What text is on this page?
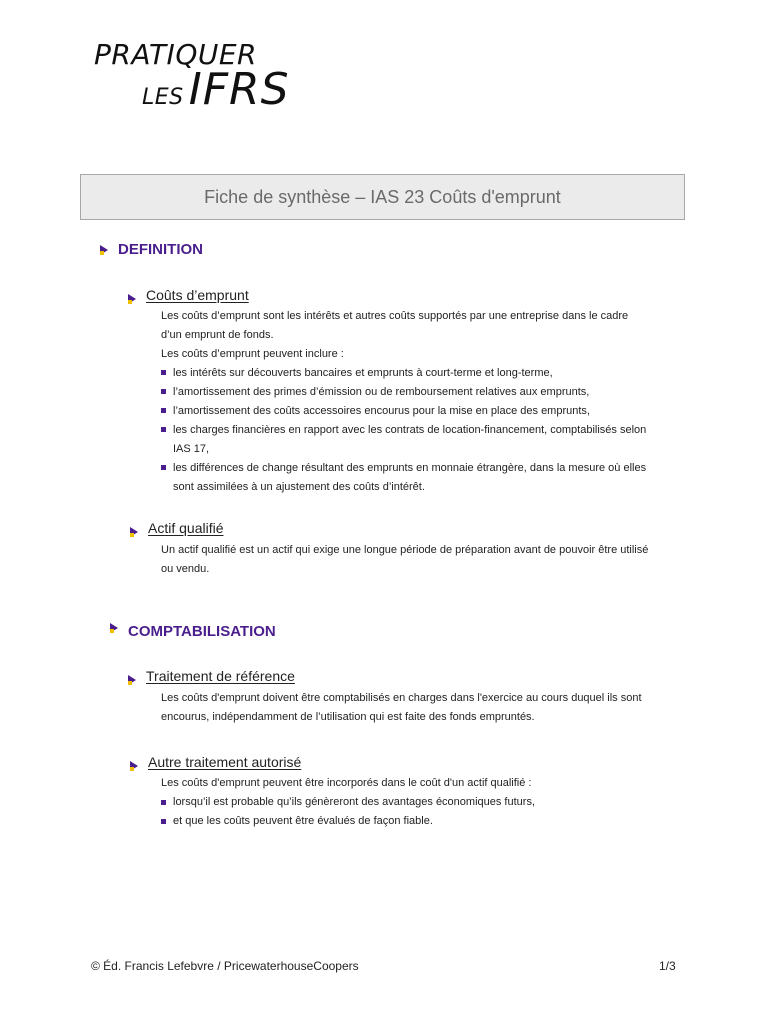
PRATIQUER
LES IFRS
Fiche de synthèse – IAS 23 Coûts d'emprunt
DEFINITION
Coûts d’emprunt
Les coûts d’emprunt sont les intérêts et autres coûts supportés par une entreprise dans le cadre
d’un emprunt de fonds.
Les coûts d’emprunt peuvent inclure :
les intérêts sur découverts bancaires et emprunts à court-terme et long-terme,
l’amortissement des primes d’émission ou de remboursement relatives aux emprunts,
l’amortissement des coûts accessoires encourus pour la mise en place des emprunts,
les charges financières en rapport avec les contrats de location-financement, comptabilisés selon
IAS 17,
les différences de change résultant des emprunts en monnaie étrangère, dans la mesure où elles
sont assimilées à un ajustement des coûts d’intérêt.
Actif qualifié
Un actif qualifié est un actif qui exige une longue période de préparation avant de pouvoir être utilisé
ou vendu.
COMPTABILISATION
Traitement de référence
Les coûts d'emprunt doivent être comptabilisés en charges dans l'exercice au cours duquel ils sont
encourus, indépendamment de l’utilisation qui est faite des fonds empruntés.
Autre traitement autorisé
Les coûts d'emprunt peuvent être incorporés dans le coût d'un actif qualifié :
lorsqu’il est probable qu’ils génèreront des avantages économiques futurs,
et que les coûts peuvent être évalués de façon fiable.
© Éd. Francis Lefebvre / PricewaterhouseCoopers	1/3
